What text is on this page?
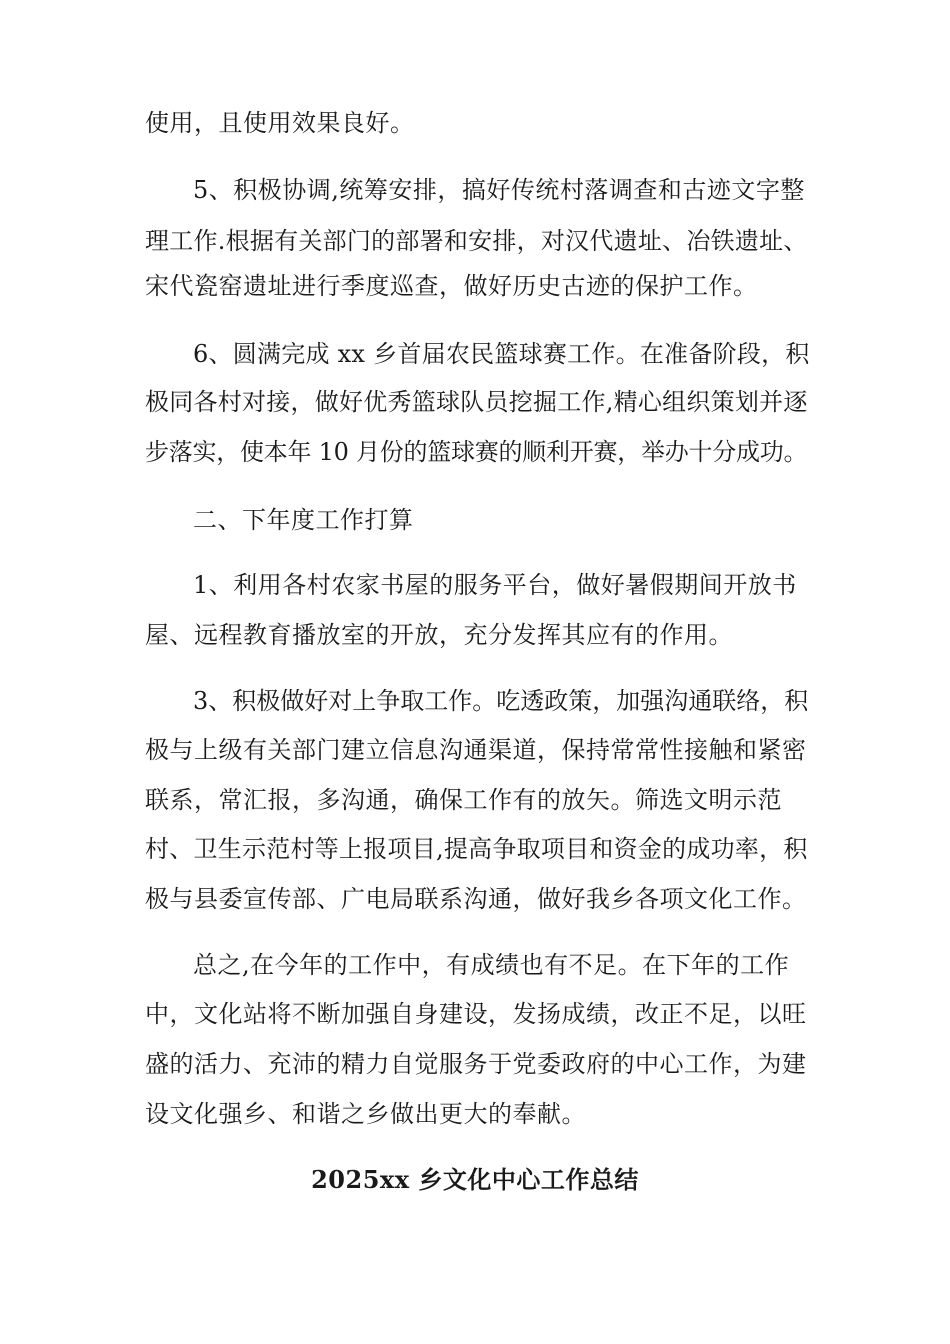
使用，且使用效果良好。
5、积极协调,统筹安排，搞好传统村落调查和古迹文字整
理工作.根据有关部门的部署和安排，对汉代遗址、冶铁遗址、
宋代瓷窑遗址进行季度巡查，做好历史古迹的保护工作。
6、圆满完成 xx 乡首届农民篮球赛工作。在准备阶段，积
极同各村对接，做好优秀篮球队员挖掘工作,精心组织策划并逐
步落实，使本年 10 月份的篮球赛的顺利开赛，举办十分成功。
二、下年度工作打算
1、利用各村农家书屋的服务平台，做好暑假期间开放书
屋、远程教育播放室的开放，充分发挥其应有的作用。
3、积极做好对上争取工作。吃透政策，加强沟通联络，积
极与上级有关部门建立信息沟通渠道，保持常常性接触和紧密
联系，常汇报，多沟通，确保工作有的放矢。筛选文明示范
村、卫生示范村等上报项目,提高争取项目和资金的成功率，积
极与县委宣传部、广电局联系沟通，做好我乡各项文化工作。
总之,在今年的工作中，有成绩也有不足。在下年的工作
中，文化站将不断加强自身建设，发扬成绩，改正不足，以旺
盛的活力、充沛的精力自觉服务于党委政府的中心工作，为建
设文化强乡、和谐之乡做出更大的奉献。
2025xx 乡文化中心工作总结
